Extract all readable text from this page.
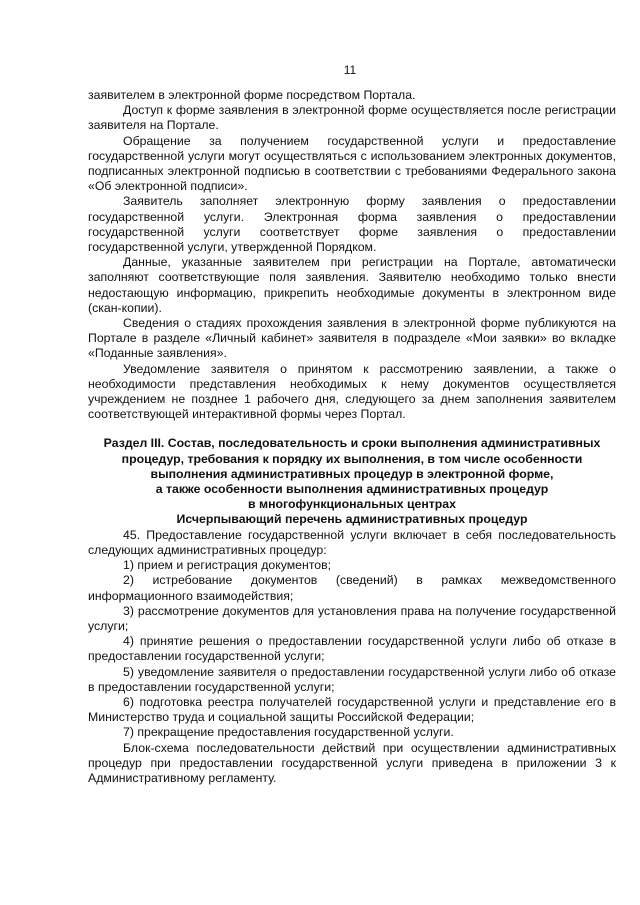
11

заявителем в электронной форме посредством Портала.

Доступ к форме заявления в электронной форме осуществляется после регистрации заявителя на Портале.

Обращение за получением государственной услуги и предоставление государственной услуги могут осуществляться с использованием электронных документов, подписанных электронной подписью в соответствии с требованиями Федерального закона «Об электронной подписи».

Заявитель заполняет электронную форму заявления о предоставлении государственной услуги. Электронная форма заявления о предоставлении государственной услуги соответствует форме заявления о предоставлении государственной услуги, утвержденной Порядком.

Данные, указанные заявителем при регистрации на Портале, автоматически заполняют соответствующие поля заявления. Заявителю необходимо только внести недостающую информацию, прикрепить необходимые документы в электронном виде (скан-копии).

Сведения о стадиях прохождения заявления в электронной форме публикуются на Портале в разделе «Личный кабинет» заявителя в подразделе «Мои заявки» во вкладке «Поданные заявления».

Уведомление заявителя о принятом к рассмотрению заявлении, а также о необходимости представления необходимых к нему документов осуществляется учреждением не позднее 1 рабочего дня, следующего за днем заполнения заявителем соответствующей интерактивной формы через Портал.

Раздел III. Состав, последовательность и сроки выполнения административных

процедур, требования к порядку их выполнения, в том числе особенности

выполнения административных процедур в электронной форме,

а также особенности выполнения административных процедур

в многофункциональных центрах

Исчерпывающий перечень административных процедур

45. Предоставление государственной услуги включает в себя последовательность следующих административных процедур:

1) прием и регистрация документов;

2) истребование документов (сведений) в рамках межведомственного информационного взаимодействия;

3) рассмотрение документов для установления права на получение государственной услуги;

4) принятие решения о предоставлении государственной услуги либо об отказе в предоставлении государственной услуги;

5) уведомление заявителя о предоставлении государственной услуги либо об отказе в предоставлении государственной услуги;

6) подготовка реестра получателей государственной услуги и представление его в Министерство труда и социальной защиты Российской Федерации;

7) прекращение предоставления государственной услуги.

Блок-схема последовательности действий при осуществлении административных процедур при предоставлении государственной услуги приведена в приложении 3 к Административному регламенту.
